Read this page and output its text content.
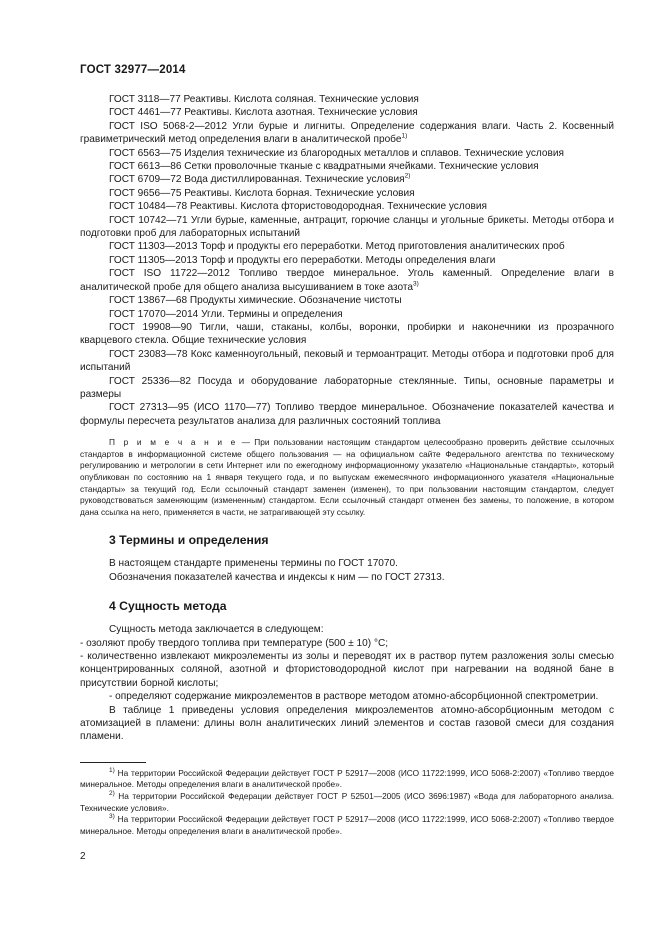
ГОСТ 32977—2014

ГОСТ 3118—77 Реактивы. Кислота соляная. Технические условия

ГОСТ 4461—77 Реактивы. Кислота азотная. Технические условия

ГОСТ ISO 5068-2—2012 Угли бурые и лигниты. Определение содержания влаги. Часть 2. Косвенный гравиметрический метод определения влаги в аналитической пробе$^{1)}$

ГОСТ 6563—75 Изделия технические из благородных металлов и сплавов. Технические условия

ГОСТ 6613—86 Сетки проволочные тканые с квадратными ячейками. Технические условия

ГОСТ 6709—72 Вода дистиллированная. Технические условия$^{2)}$

ГОСТ 9656—75 Реактивы. Кислота борная. Технические условия

ГОСТ 10484—78 Реактивы. Кислота фтористоводородная. Технические условия

ГОСТ 10742—71 Угли бурые, каменные, антрацит, горючие сланцы и угольные брикеты. Методы отбора и подготовки проб для лабораторных испытаний

ГОСТ 11303—2013 Торф и продукты его переработки. Метод приготовления аналитических проб

ГОСТ 11305—2013 Торф и продукты его переработки. Методы определения влаги

ГОСТ ISO 11722—2012 Топливо твердое минеральное. Уголь каменный. Определение влаги в аналитической пробе для общего анализа высушиванием в токе азота$^{3)}$

ГОСТ 13867—68 Продукты химические. Обозначение чистоты

ГОСТ 17070—2014 Угли. Термины и определения

ГОСТ 19908—90 Тигли, чаши, стаканы, колбы, воронки, пробирки и наконечники из прозрачного кварцевого стекла. Общие технические условия

ГОСТ 23083—78 Кокс каменноугольный, пековый и термоантрацит. Методы отбора и подготовки проб для испытаний

ГОСТ 25336—82 Посуда и оборудование лабораторные стеклянные. Типы, основные параметры и размеры

ГОСТ 27313—95 (ИСО 1170—77) Топливо твердое минеральное. Обозначение показателей качества и формулы пересчета результатов анализа для различных состояний топлива

П р и м е ч а н и е — При пользовании настоящим стандартом целесообразно проверить действие ссылочных стандартов в информационной системе общего пользования — на официальном сайте Федерального агентства по техническому регулированию и метрологии в сети Интернет или по ежегодному информационному указателю «Национальные стандарты», который опубликован по состоянию на 1 января текущего года, и по выпускам ежемесячного информационного указателя «Национальные стандарты» за текущий год. Если ссылочный стандарт заменен (изменен), то при пользовании настоящим стандартом, следует руководствоваться заменяющим (измененным) стандартом. Если ссылочный стандарт отменен без замены, то положение, в котором дана ссылка на него, применяется в части, не затрагивающей эту ссылку.

3 Термины и определения

В настоящем стандарте применены термины по ГОСТ 17070.

Обозначения показателей качества и индексы к ним — по ГОСТ 27313.

4 Сущность метода

Сущность метода заключается в следующем:

- озоляют пробу твердого топлива при температуре (500 ± 10) °С;

- количественно извлекают микроэлементы из золы и переводят их в раствор путем разложения золы смесью концентрированных соляной, азотной и фтористоводородной кислот при нагревании на водяной бане в присутствии борной кислоты;

- определяют содержание микроэлементов в растворе методом атомно-абсорбционной спектрометрии.

В таблице 1 приведены условия определения микроэлементов атомно-абсорбционным методом с атомизацией в пламени: длины волн аналитических линий элементов и состав газовой смеси для создания пламени.

$^{1)}$ На территории Российской Федерации действует ГОСТ Р 52917—2008 (ИСО 11722:1999, ИСО 5068-2:2007) «Топливо твердое минеральное. Методы определения влаги в аналитической пробе».

$^{2)}$ На территории Российской Федерации действует ГОСТ Р 52501—2005 (ИСО 3696:1987) «Вода для лабораторного анализа. Технические условия».

$^{3)}$ На территории Российской Федерации действует ГОСТ Р 52917—2008 (ИСО 11722:1999, ИСО 5068-2:2007) «Топливо твердое минеральное. Методы определения влаги в аналитической пробе».

2
